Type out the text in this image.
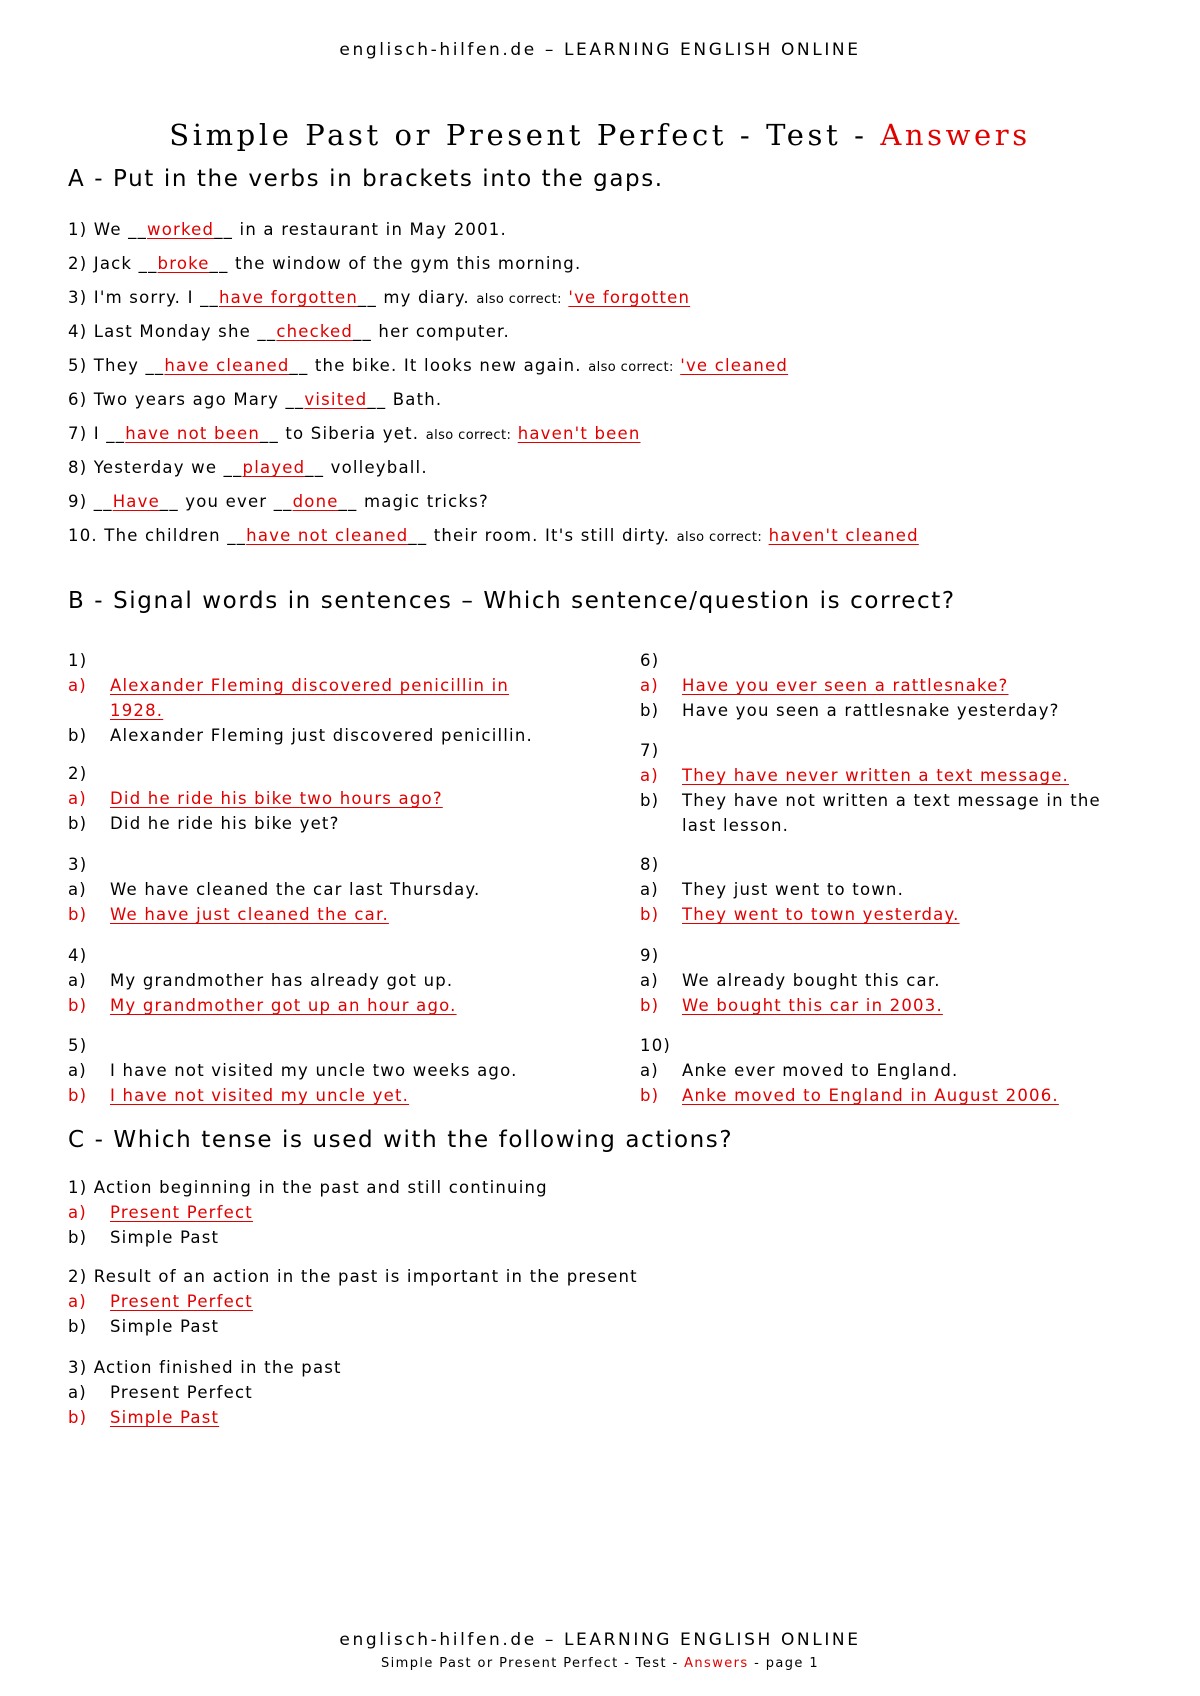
englisch-hilfen.de – LEARNING ENGLISH ONLINE
Simple Past or Present Perfect - Test - Answers
A - Put in the verbs in brackets into the gaps.
1) We __worked__ in a restaurant in May 2001.
2) Jack __broke__ the window of the gym this morning.
3) I'm sorry. I __have forgotten__ my diary. also correct: 've forgotten
4) Last Monday she __checked__ her computer.
5) They __have cleaned__ the bike. It looks new again. also correct: 've cleaned
6) Two years ago Mary __visited__ Bath.
7) I __have not been__ to Siberia yet. also correct: haven't been
8) Yesterday we __played__ volleyball.
9) __Have__ you ever __done__ magic tricks?
10. The children __have not cleaned__ their room. It's still dirty. also correct: haven't cleaned
B - Signal words in sentences – Which sentence/question is correct?
1)
a)	Alexander Fleming discovered penicillin in 1928.
b)	Alexander Fleming just discovered penicillin.
2)
a)	Did he ride his bike two hours ago?
b)	Did he ride his bike yet?
3)
a)	We have cleaned the car last Thursday.
b)	We have just cleaned the car.
4)
a)	My grandmother has already got up.
b)	My grandmother got up an hour ago.
5)
a)	I have not visited my uncle two weeks ago.
b)	I have not visited my uncle yet.
6)
a)	Have you ever seen a rattlesnake?
b)	Have you seen a rattlesnake yesterday?
7)
a)	They have never written a text message.
b)	They have not written a text message in the last lesson.
8)
a)	They just went to town.
b)	They went to town yesterday.
9)
a)	We already bought this car.
b)	We bought this car in 2003.
10)
a)	Anke ever moved to England.
b)	Anke moved to England in August 2006.
C - Which tense is used with the following actions?
1) Action beginning in the past and still continuing
a)	Present Perfect
b)	Simple Past
2) Result of an action in the past is important in the present
a)	Present Perfect
b)	Simple Past
3) Action finished in the past
a)	Present Perfect
b)	Simple Past
englisch-hilfen.de – LEARNING ENGLISH ONLINE
Simple Past or Present Perfect - Test - Answers - page 1
